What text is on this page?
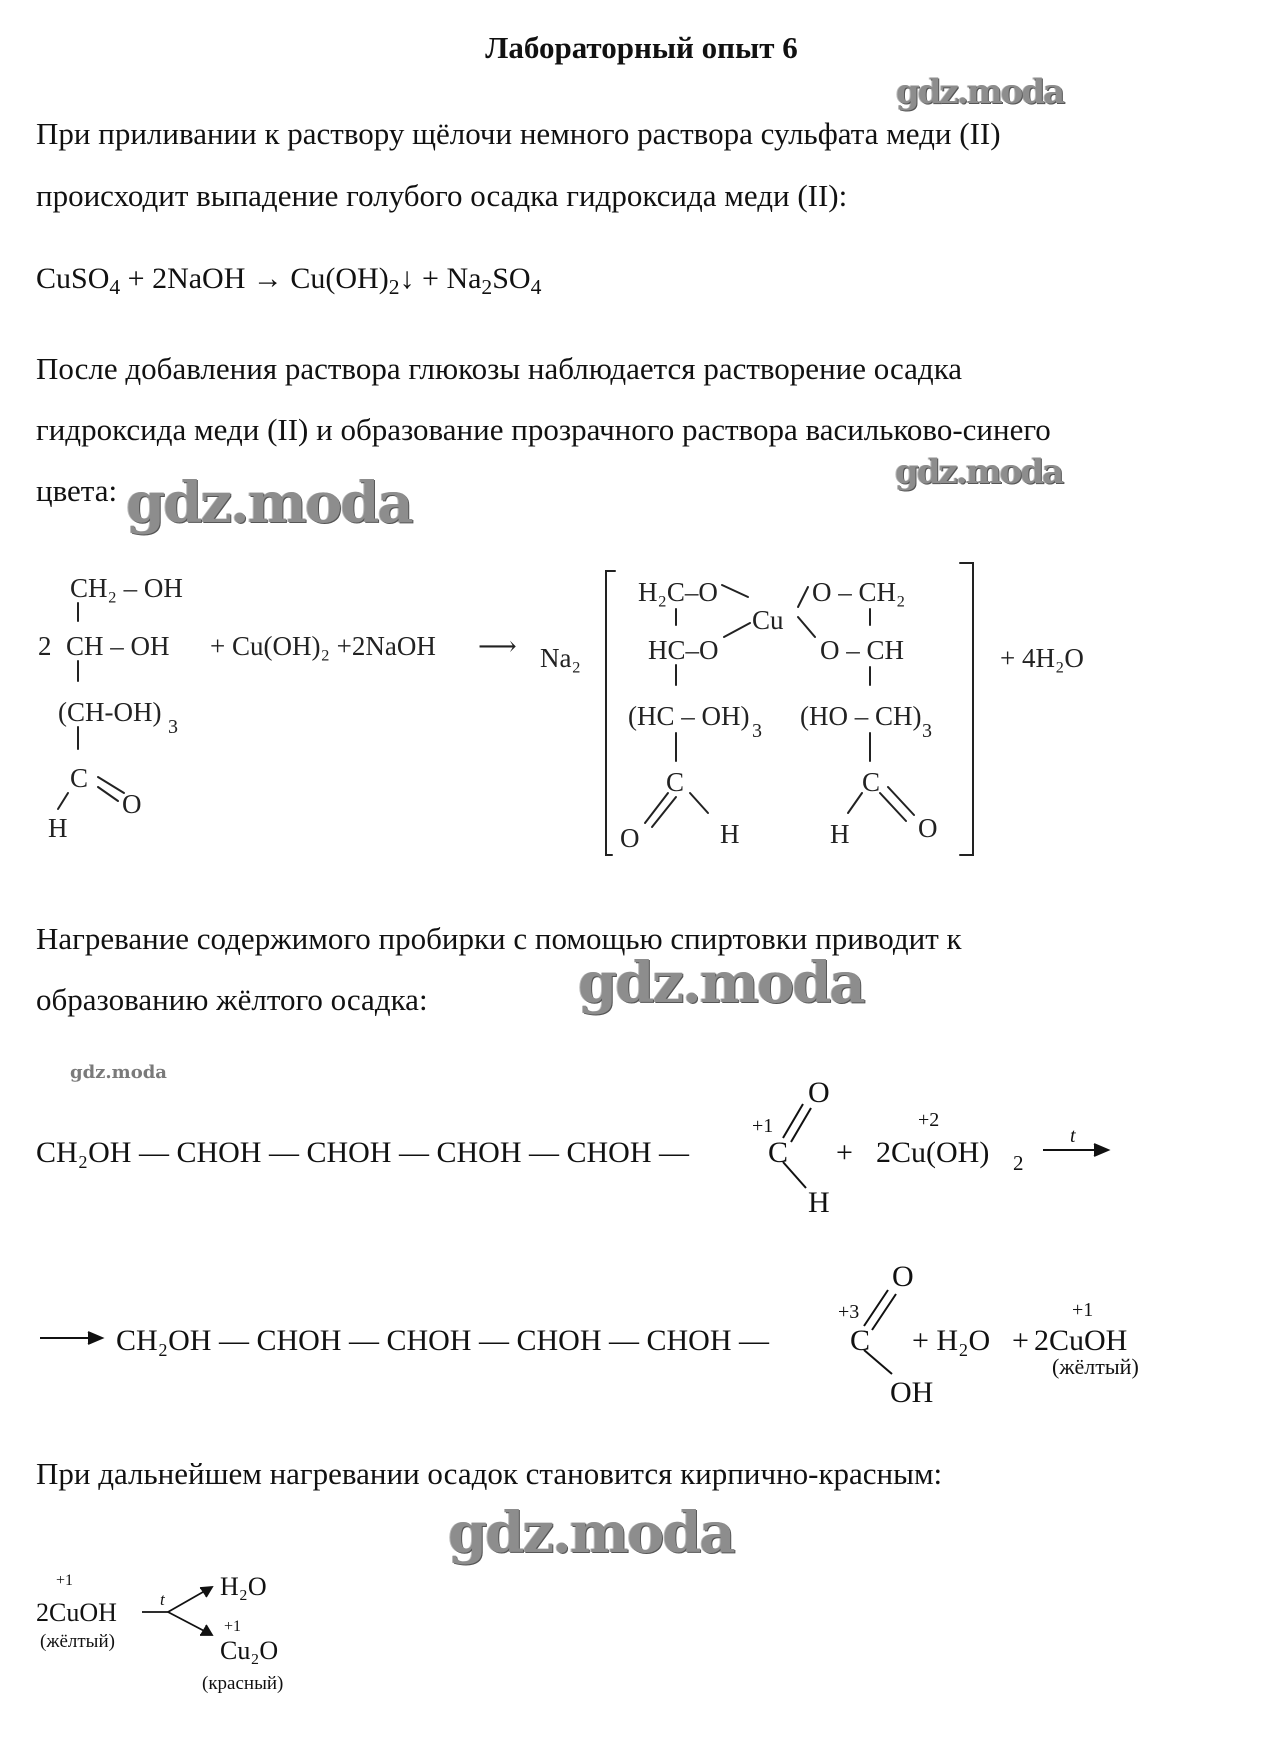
Лабораторный опыт 6
gdz.moda
gdz.moda
gdz.moda
gdz.moda
gdz.moda
gdz.moda
При приливании к раствору щёлочи немного раствора сульфата меди (II)
происходит выпадение голубого осадка гидроксида меди (II):
CuSO$_4$ + 2NaOH → $Cu(OH)_2↓ + Na_2SO_4$
После добавления раствора глюкозы наблюдается растворение осадка
гидроксида меди (II) и образование прозрачного раствора васильково-синего
цвета:
CH₂ – OH
2 CH – OH
(CH-OH) 3
C
O
H
+ Cu(OH)₂ +2NaOH ⟶ Na₂
H₂C–O
HC–O
Cu
O – CH₂
O – CH
(HC – OH) 3 (HO – CH) 3
C
O	H
C
H	O
+ 4H₂O
Нагревание содержимого пробирки с помощью спиртовки приводит к
образованию жёлтого осадка:
CH₂OH — CHOH — CHOH — CHOH — CHOH —	C
+1
O
H
+ 2Cu(OH) 2
+2
t
CH₂OH — CHOH — CHOH — CHOH — CHOH —	C
+3
O
OH
+ H₂O + 2CuOH
+1
(жёлтый)
При дальнейшем нагревании осадок становится кирпично-красным:
+1
2CuOH
(жёлтый)
t H₂O
+1
Cu₂O
(красный)
